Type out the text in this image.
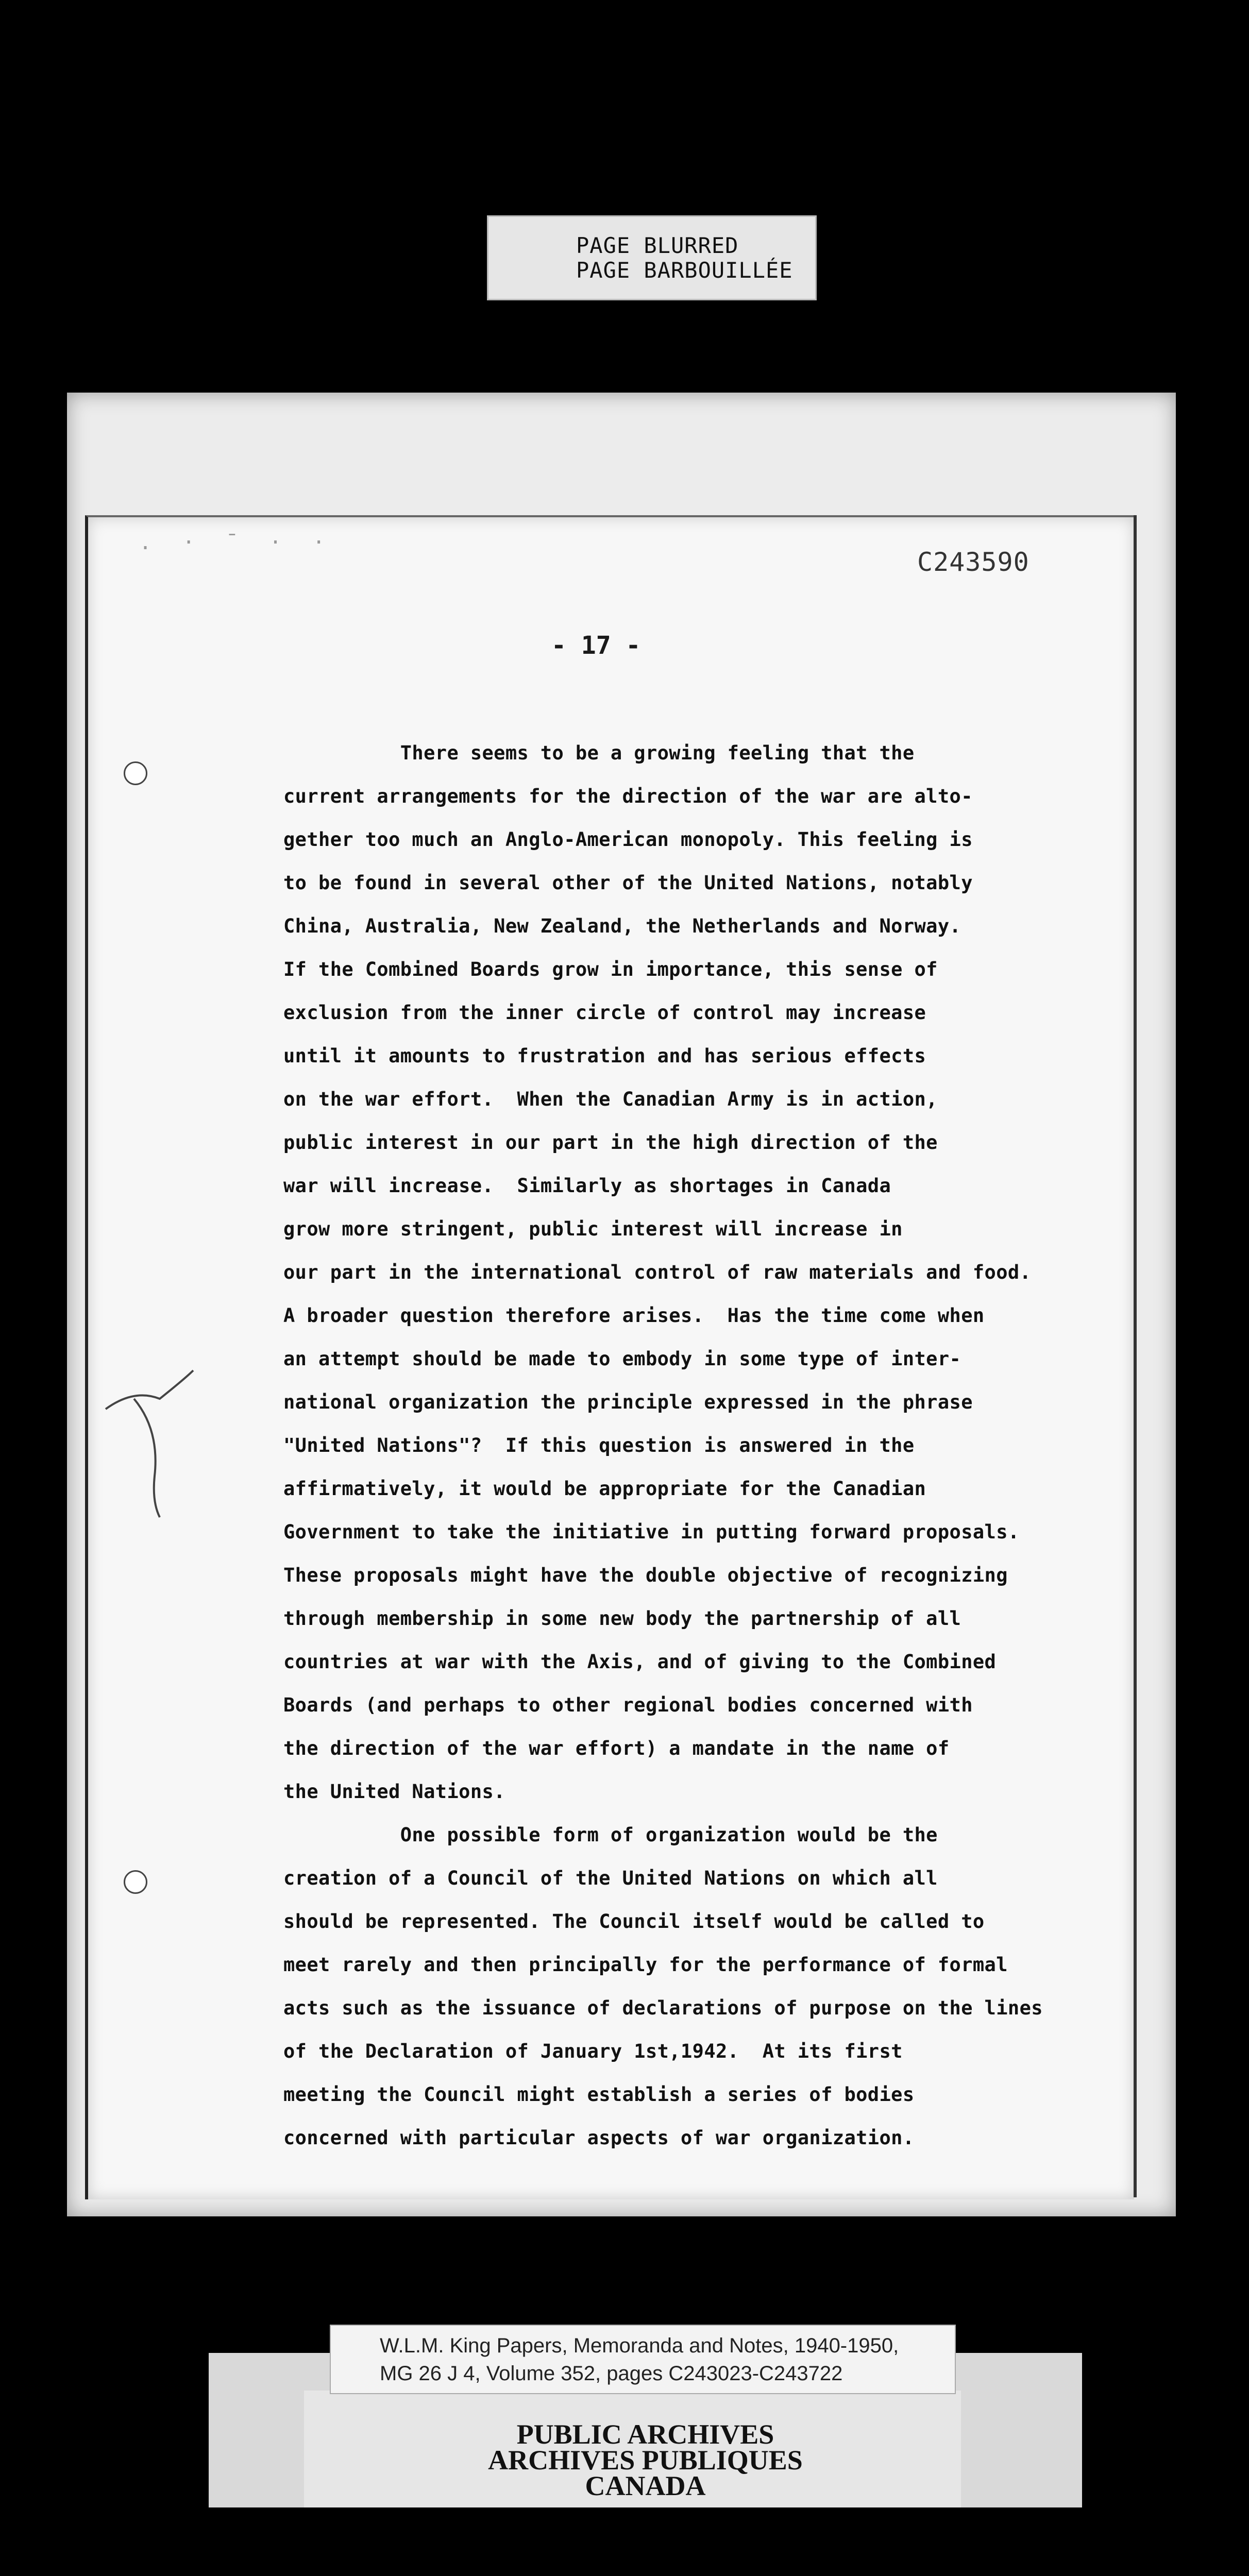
PAGE BLURRED
PAGE BARBOUILLÉE
. · ˉ · ·
C243590
- 17 -
There seems to be a growing feeling that the
current arrangements for the direction of the war are alto-
gether too much an Anglo-American monopoly. This feeling is
to be found in several other of the United Nations, notably
China, Australia, New Zealand, the Netherlands and Norway.
If the Combined Boards grow in importance, this sense of
exclusion from the inner circle of control may increase
until it amounts to frustration and has serious effects
on the war effort.  When the Canadian Army is in action,
public interest in our part in the high direction of the
war will increase.  Similarly as shortages in Canada
grow more stringent, public interest will increase in
our part in the international control of raw materials and food.
A broader question therefore arises.  Has the time come when
an attempt should be made to embody in some type of inter-
national organization the principle expressed in the phrase
"United Nations"?  If this question is answered in the
affirmatively, it would be appropriate for the Canadian
Government to take the initiative in putting forward proposals.
These proposals might have the double objective of recognizing
through membership in some new body the partnership of all
countries at war with the Axis, and of giving to the Combined
Boards (and perhaps to other regional bodies concerned with
the direction of the war effort) a mandate in the name of
the United Nations.
One possible form of organization would be the
creation of a Council of the United Nations on which all
should be represented. The Council itself would be called to
meet rarely and then principally for the performance of formal
acts such as the issuance of declarations of purpose on the lines
of the Declaration of January 1st,1942.  At its first
meeting the Council might establish a series of bodies
concerned with particular aspects of war organization.
W.L.M. King Papers, Memoranda and Notes, 1940-1950,
MG 26 J 4, Volume 352, pages C243023-C243722
PUBLIC ARCHIVES
ARCHIVES PUBLIQUES
CANADA
